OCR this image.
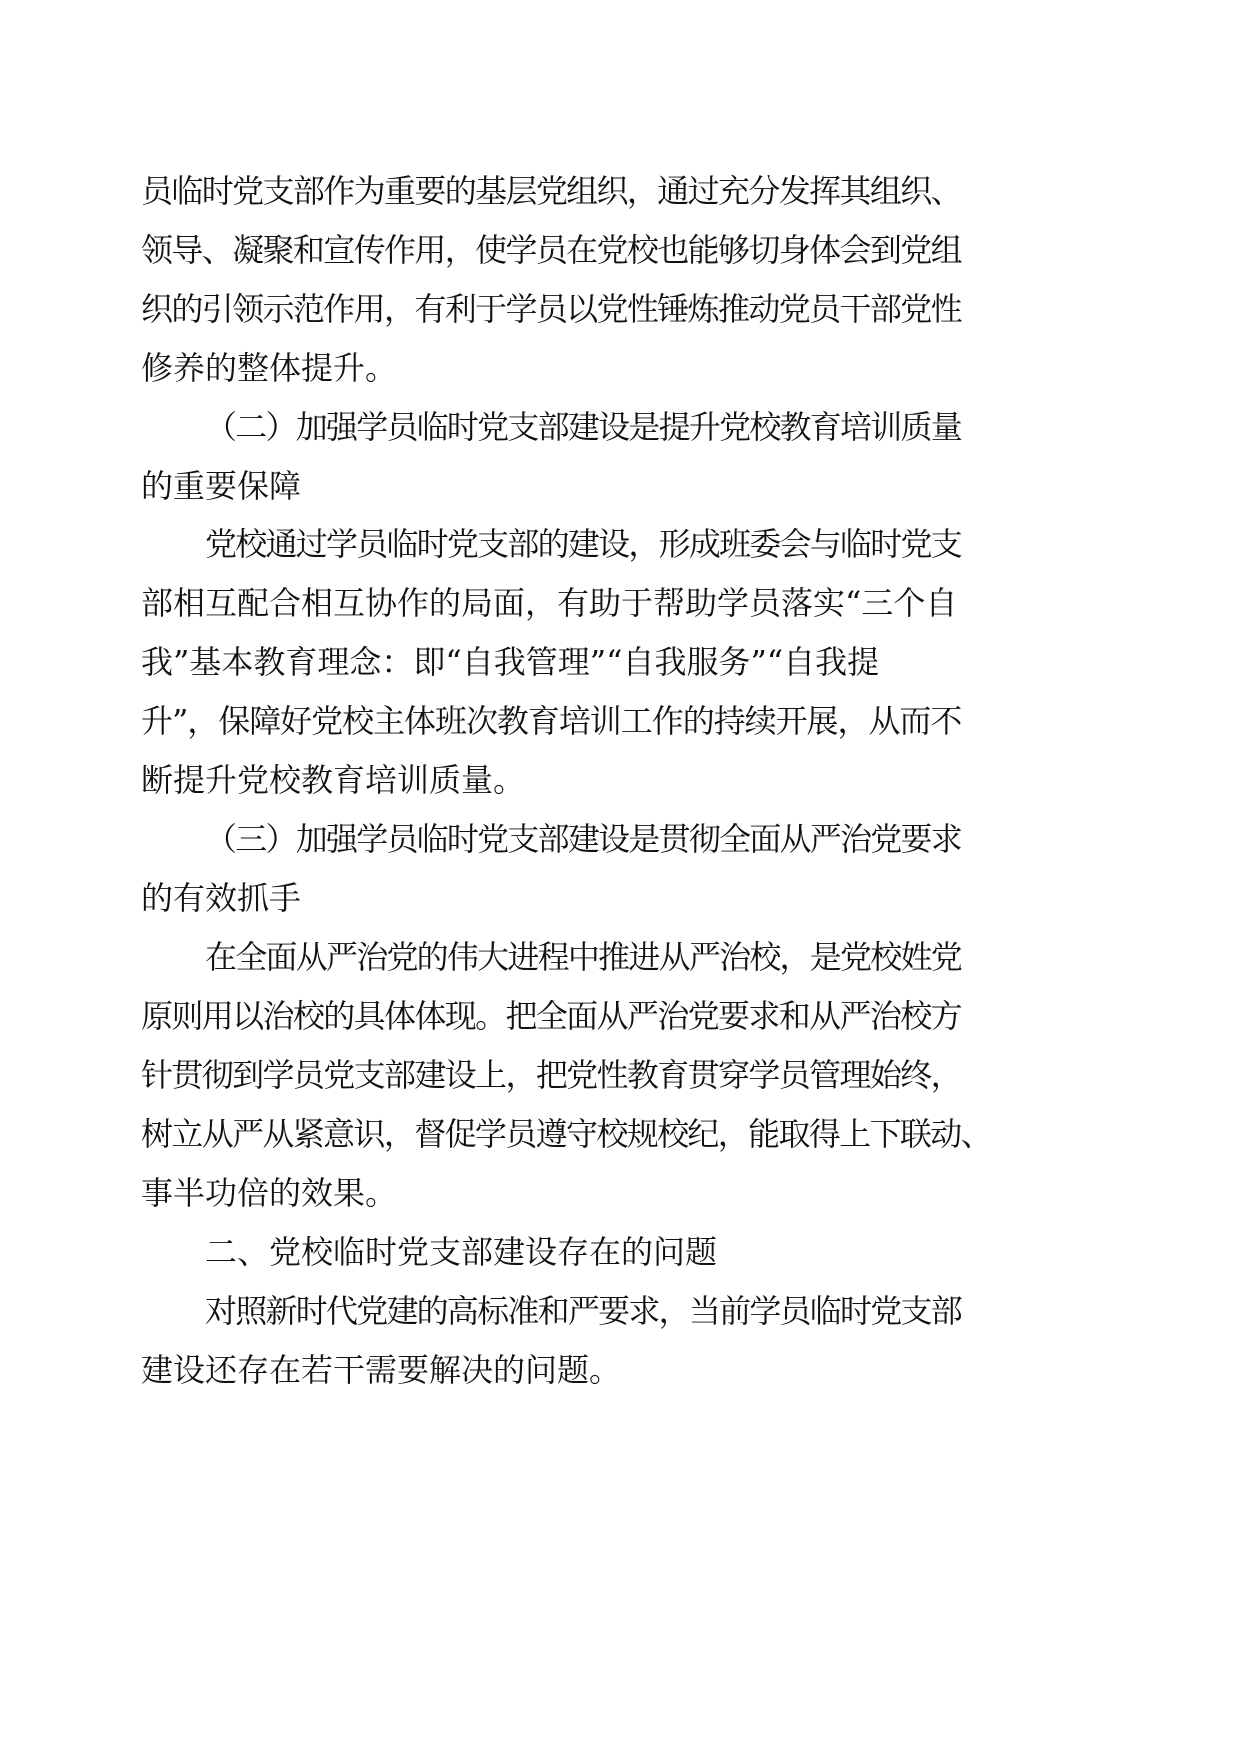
员临时党支部作为重要的基层党组织，通过充分发挥其组织、

领导、凝聚和宣传作用，使学员在党校也能够切身体会到党组

织的引领示范作用，有利于学员以党性锤炼推动党员干部党性

修养的整体提升。

（二）加强学员临时党支部建设是提升党校教育培训质量

的重要保障

党校通过学员临时党支部的建设，形成班委会与临时党支

部相互配合相互协作的局面，有助于帮助学员落实“三个自

我”基本教育理念：即“自我管理”“自我服务”“自我提

升”，保障好党校主体班次教育培训工作的持续开展，从而不

断提升党校教育培训质量。

（三）加强学员临时党支部建设是贯彻全面从严治党要求

的有效抓手

在全面从严治党的伟大进程中推进从严治校，是党校姓党

原则用以治校的具体体现。把全面从严治党要求和从严治校方

针贯彻到学员党支部建设上，把党性教育贯穿学员管理始终，

树立从严从紧意识，督促学员遵守校规校纪，能取得上下联动、

事半功倍的效果。

二、党校临时党支部建设存在的问题

对照新时代党建的高标准和严要求，当前学员临时党支部

建设还存在若干需要解决的问题。
